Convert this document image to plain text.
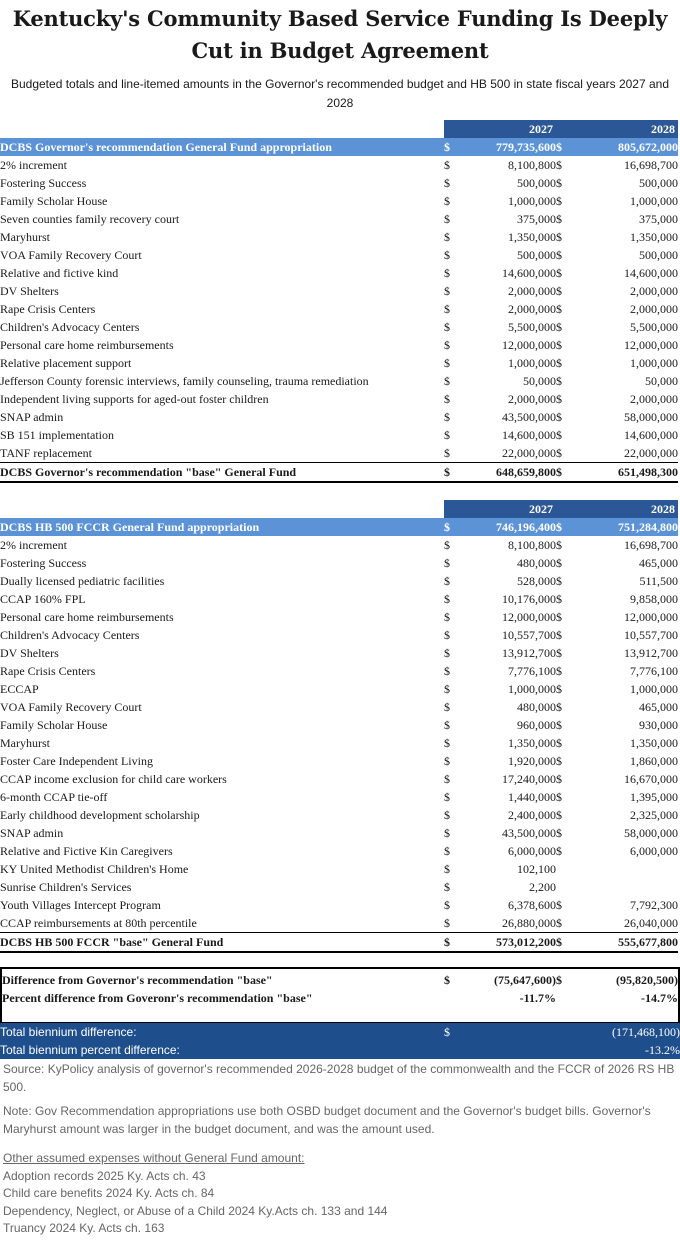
Kentucky's Community Based Service Funding Is Deeply Cut in Budget Agreement
Budgeted totals and line-itemed amounts in the Governor's recommended budget and HB 500 in state fiscal years 2027 and 2028
	2027		2028	
DCBS Governor's recommendation General Fund appropriation	$	779,735,600	$	805,672,000
2% increment	$	8,100,800	$	16,698,700
Fostering Success	$	500,000	$	500,000
Family Scholar House	$	1,000,000	$	1,000,000
Seven counties family recovery court	$	375,000	$	375,000
Maryhurst	$	1,350,000	$	1,350,000
VOA Family Recovery Court	$	500,000	$	500,000
Relative and fictive kind	$	14,600,000	$	14,600,000
DV Shelters	$	2,000,000	$	2,000,000
Rape Crisis Centers	$	2,000,000	$	2,000,000
Children's Advocacy Centers	$	5,500,000	$	5,500,000
Personal care home reimbursements	$	12,000,000	$	12,000,000
Relative placement support	$	1,000,000	$	1,000,000
Jefferson County forensic interviews, family counseling, trauma remediation	$	50,000	$	50,000
Independent living supports for aged-out foster children	$	2,000,000	$	2,000,000
SNAP admin	$	43,500,000	$	58,000,000
SB 151 implementation	$	14,600,000	$	14,600,000
TANF replacement	$	22,000,000	$	22,000,000
DCBS Governor's recommendation "base" General Fund	$	648,659,800	$	651,498,300
	2027		2028	
DCBS HB 500 FCCR General Fund appropriation	$	746,196,400	$	751,284,800
2% increment	$	8,100,800	$	16,698,700
Fostering Success	$	480,000	$	465,000
Dually licensed pediatric facilities	$	528,000	$	511,500
CCAP 160% FPL	$	10,176,000	$	9,858,000
Personal care home reimbursements	$	12,000,000	$	12,000,000
Children's Advocacy Centers	$	10,557,700	$	10,557,700
DV Shelters	$	13,912,700	$	13,912,700
Rape Crisis Centers	$	7,776,100	$	7,776,100
ECCAP	$	1,000,000	$	1,000,000
VOA Family Recovery Court	$	480,000	$	465,000
Family Scholar House	$	960,000	$	930,000
Maryhurst	$	1,350,000	$	1,350,000
Foster Care Independent Living	$	1,920,000	$	1,860,000
CCAP income exclusion for child care workers	$	17,240,000	$	16,670,000
6-month CCAP tie-off	$	1,440,000	$	1,395,000
Early childhood development scholarship	$	2,400,000	$	2,325,000
SNAP admin	$	43,500,000	$	58,000,000
Relative and Fictive Kin Caregivers	$	6,000,000	$	6,000,000
KY United Methodist Children's Home	$	102,100		
Sunrise Children's Services	$	2,200		
Youth Villages Intercept Program	$	6,378,600	$	7,792,300
CCAP reimbursements at 80th percentile	$	26,880,000	$	26,040,000
DCBS HB 500 FCCR "base" General Fund	$	573,012,200	$	555,677,800

Difference from Governor's recommendation "base"	$	(75,647,600)	$	(95,820,500)
Percent difference from Goveronr's recommendation "base"		-11.7%		-14.7%
Total biennium difference:	$			(171,468,100)
Total biennium percent difference:				-13.2%

Source: KyPolicy analysis of governor's recommended 2026-2028 budget of the commonwealth and the FCCR of 2026 RS HB 500.

Note: Gov Recommendation appropriations use both OSBD budget document and the Governor's budget bills. Governor's Maryhurst amount was larger in the budget document, and was the amount used.

Other assumed expenses without General Fund amount:

Adoption records 2025 Ky. Acts ch. 43

Child care benefits 2024 Ky. Acts ch. 84

Dependency, Neglect, or Abuse of a Child 2024 Ky.Acts ch. 133 and 144

Truancy 2024 Ky. Acts ch. 163
